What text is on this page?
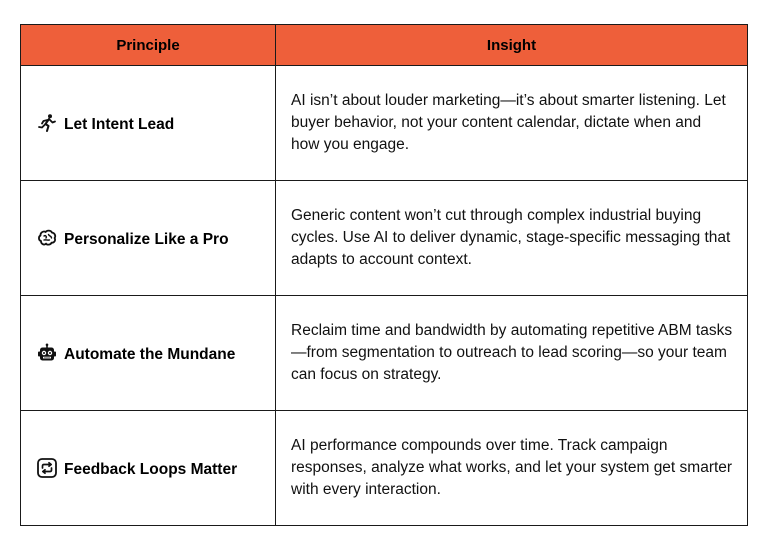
Principle	Insight

Let Intent Lead	AI isn’t about louder marketing—it’s about smarter listening. Let buyer behavior, not your content calendar, dictate when and how you engage.

Personalize Like a Pro	Generic content won’t cut through complex industrial buying cycles. Use AI to deliver dynamic, stage-specific messaging that adapts to account context.

Automate the Mundane	Reclaim time and bandwidth by automating repetitive ABM tasks—from segmentation to outreach to lead scoring—so your team can focus on strategy.

Feedback Loops Matter	AI performance compounds over time. Track campaign responses, analyze what works, and let your system get smarter with every interaction.
